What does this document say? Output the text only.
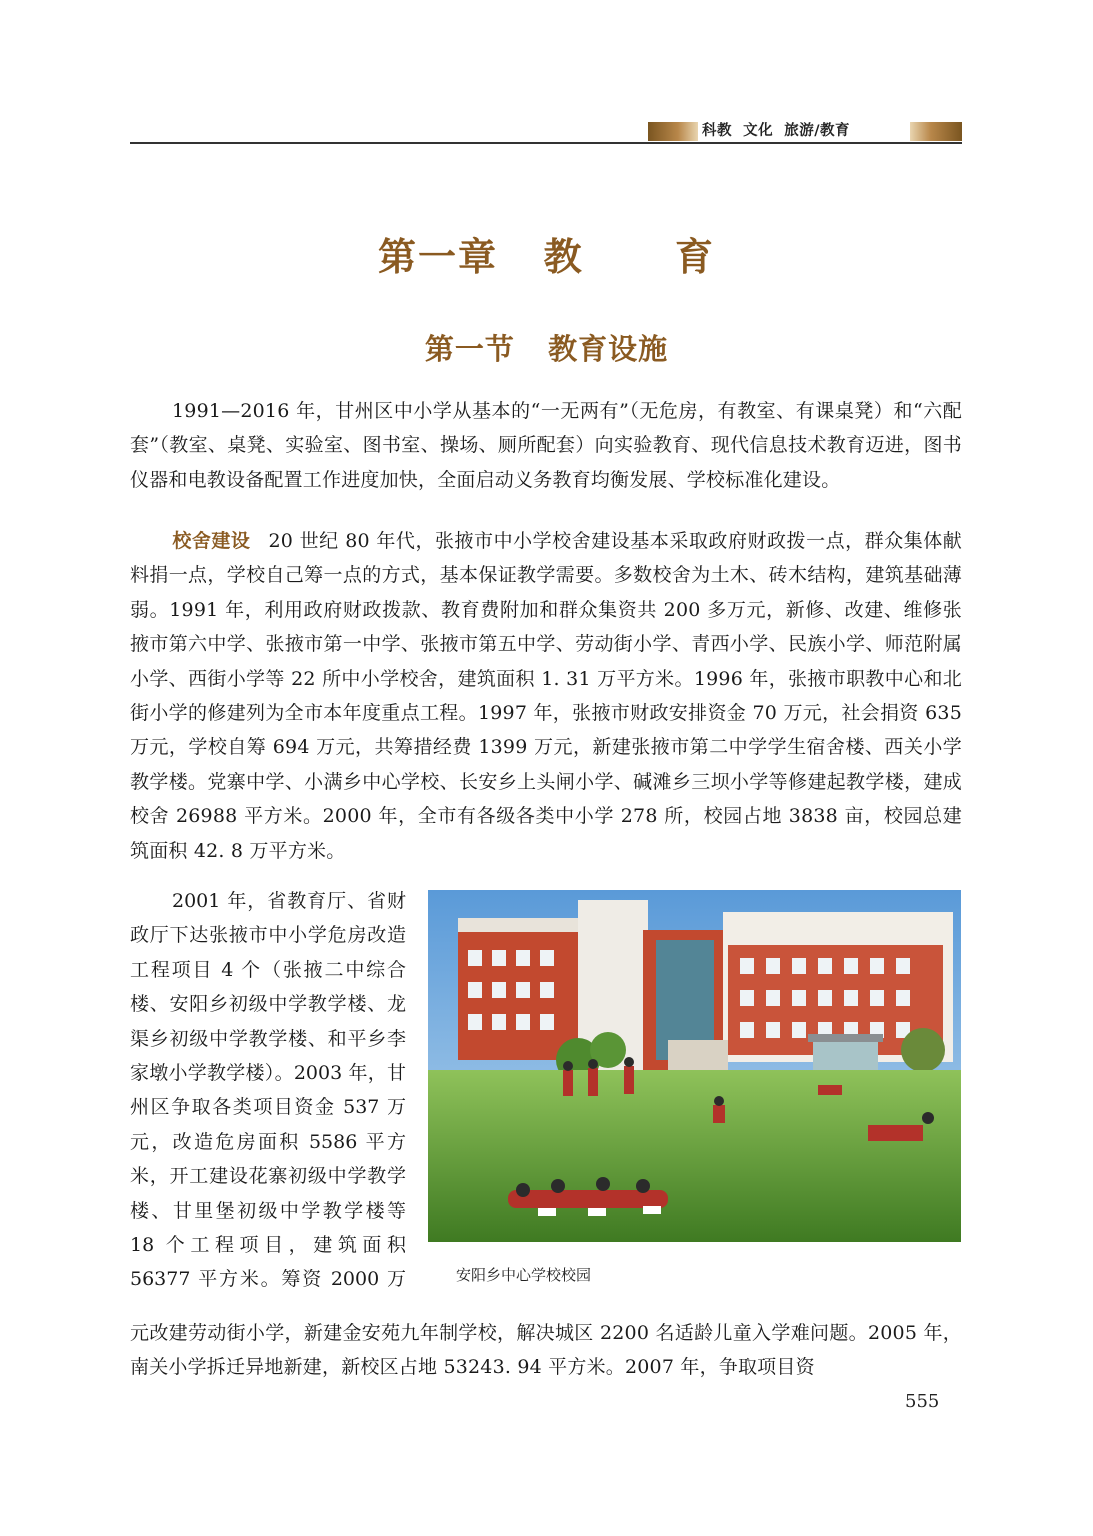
科教  文化  旅游/教育
第一章   教      育
第一节   教育设施

1991—2016 年，甘州区中小学从基本的“一无两有”（无危房，有教室、有课桌凳）和“六配套”（教室、桌凳、实验室、图书室、操场、厕所配套）向实验教育、现代信息技术教育迈进，图书仪器和电教设备配置工作进度加快，全面启动义务教育均衡发展、学校标准化建设。

校舍建设 20 世纪 80 年代，张掖市中小学校舍建设基本采取政府财政拨一点，群众集体献料捐一点，学校自己筹一点的方式，基本保证教学需要。多数校舍为土木、砖木结构，建筑基础薄弱。1991 年，利用政府财政拨款、教育费附加和群众集资共 200 多万元，新修、改建、维修张掖市第六中学、张掖市第一中学、张掖市第五中学、劳动街小学、青西小学、民族小学、师范附属小学、西街小学等 22 所中小学校舍，建筑面积 1. 31 万平方米。1996 年，张掖市职教中心和北街小学的修建列为全市本年度重点工程。1997 年，张掖市财政安排资金 70 万元，社会捐资 635 万元，学校自筹 694 万元，共筹措经费 1399 万元，新建张掖市第二中学学生宿舍楼、西关小学教学楼。党寨中学、小满乡中心学校、长安乡上头闸小学、碱滩乡三坝小学等修建起教学楼，建成校舍 26988 平方米。2000 年，全市有各级各类中小学 278 所，校园占地 3838 亩，校园总建筑面积 42. 8 万平方米。

2001 年，省教育厅、省财政厅下达张掖市中小学危房改造工程项目 4 个（张掖二中综合楼、安阳乡初级中学教学楼、龙渠乡初级中学教学楼、和平乡李家墩小学教学楼）。2003 年，甘州区争取各类项目资金 537 万元，改造危房面积 5586 平方米，开工建设花寨初级中学教学楼、甘里堡初级中学教学楼等 18 个工程项目，建筑面积 56377 平方米。筹资 2000 万	安阳乡中心学校校园

元改建劳动街小学，新建金安苑九年制学校，解决城区 2200 名适龄儿童入学难问题。2005 年，南关小学拆迁异地新建，新校区占地 53243. 94 平方米。2007 年，争取项目资

555
